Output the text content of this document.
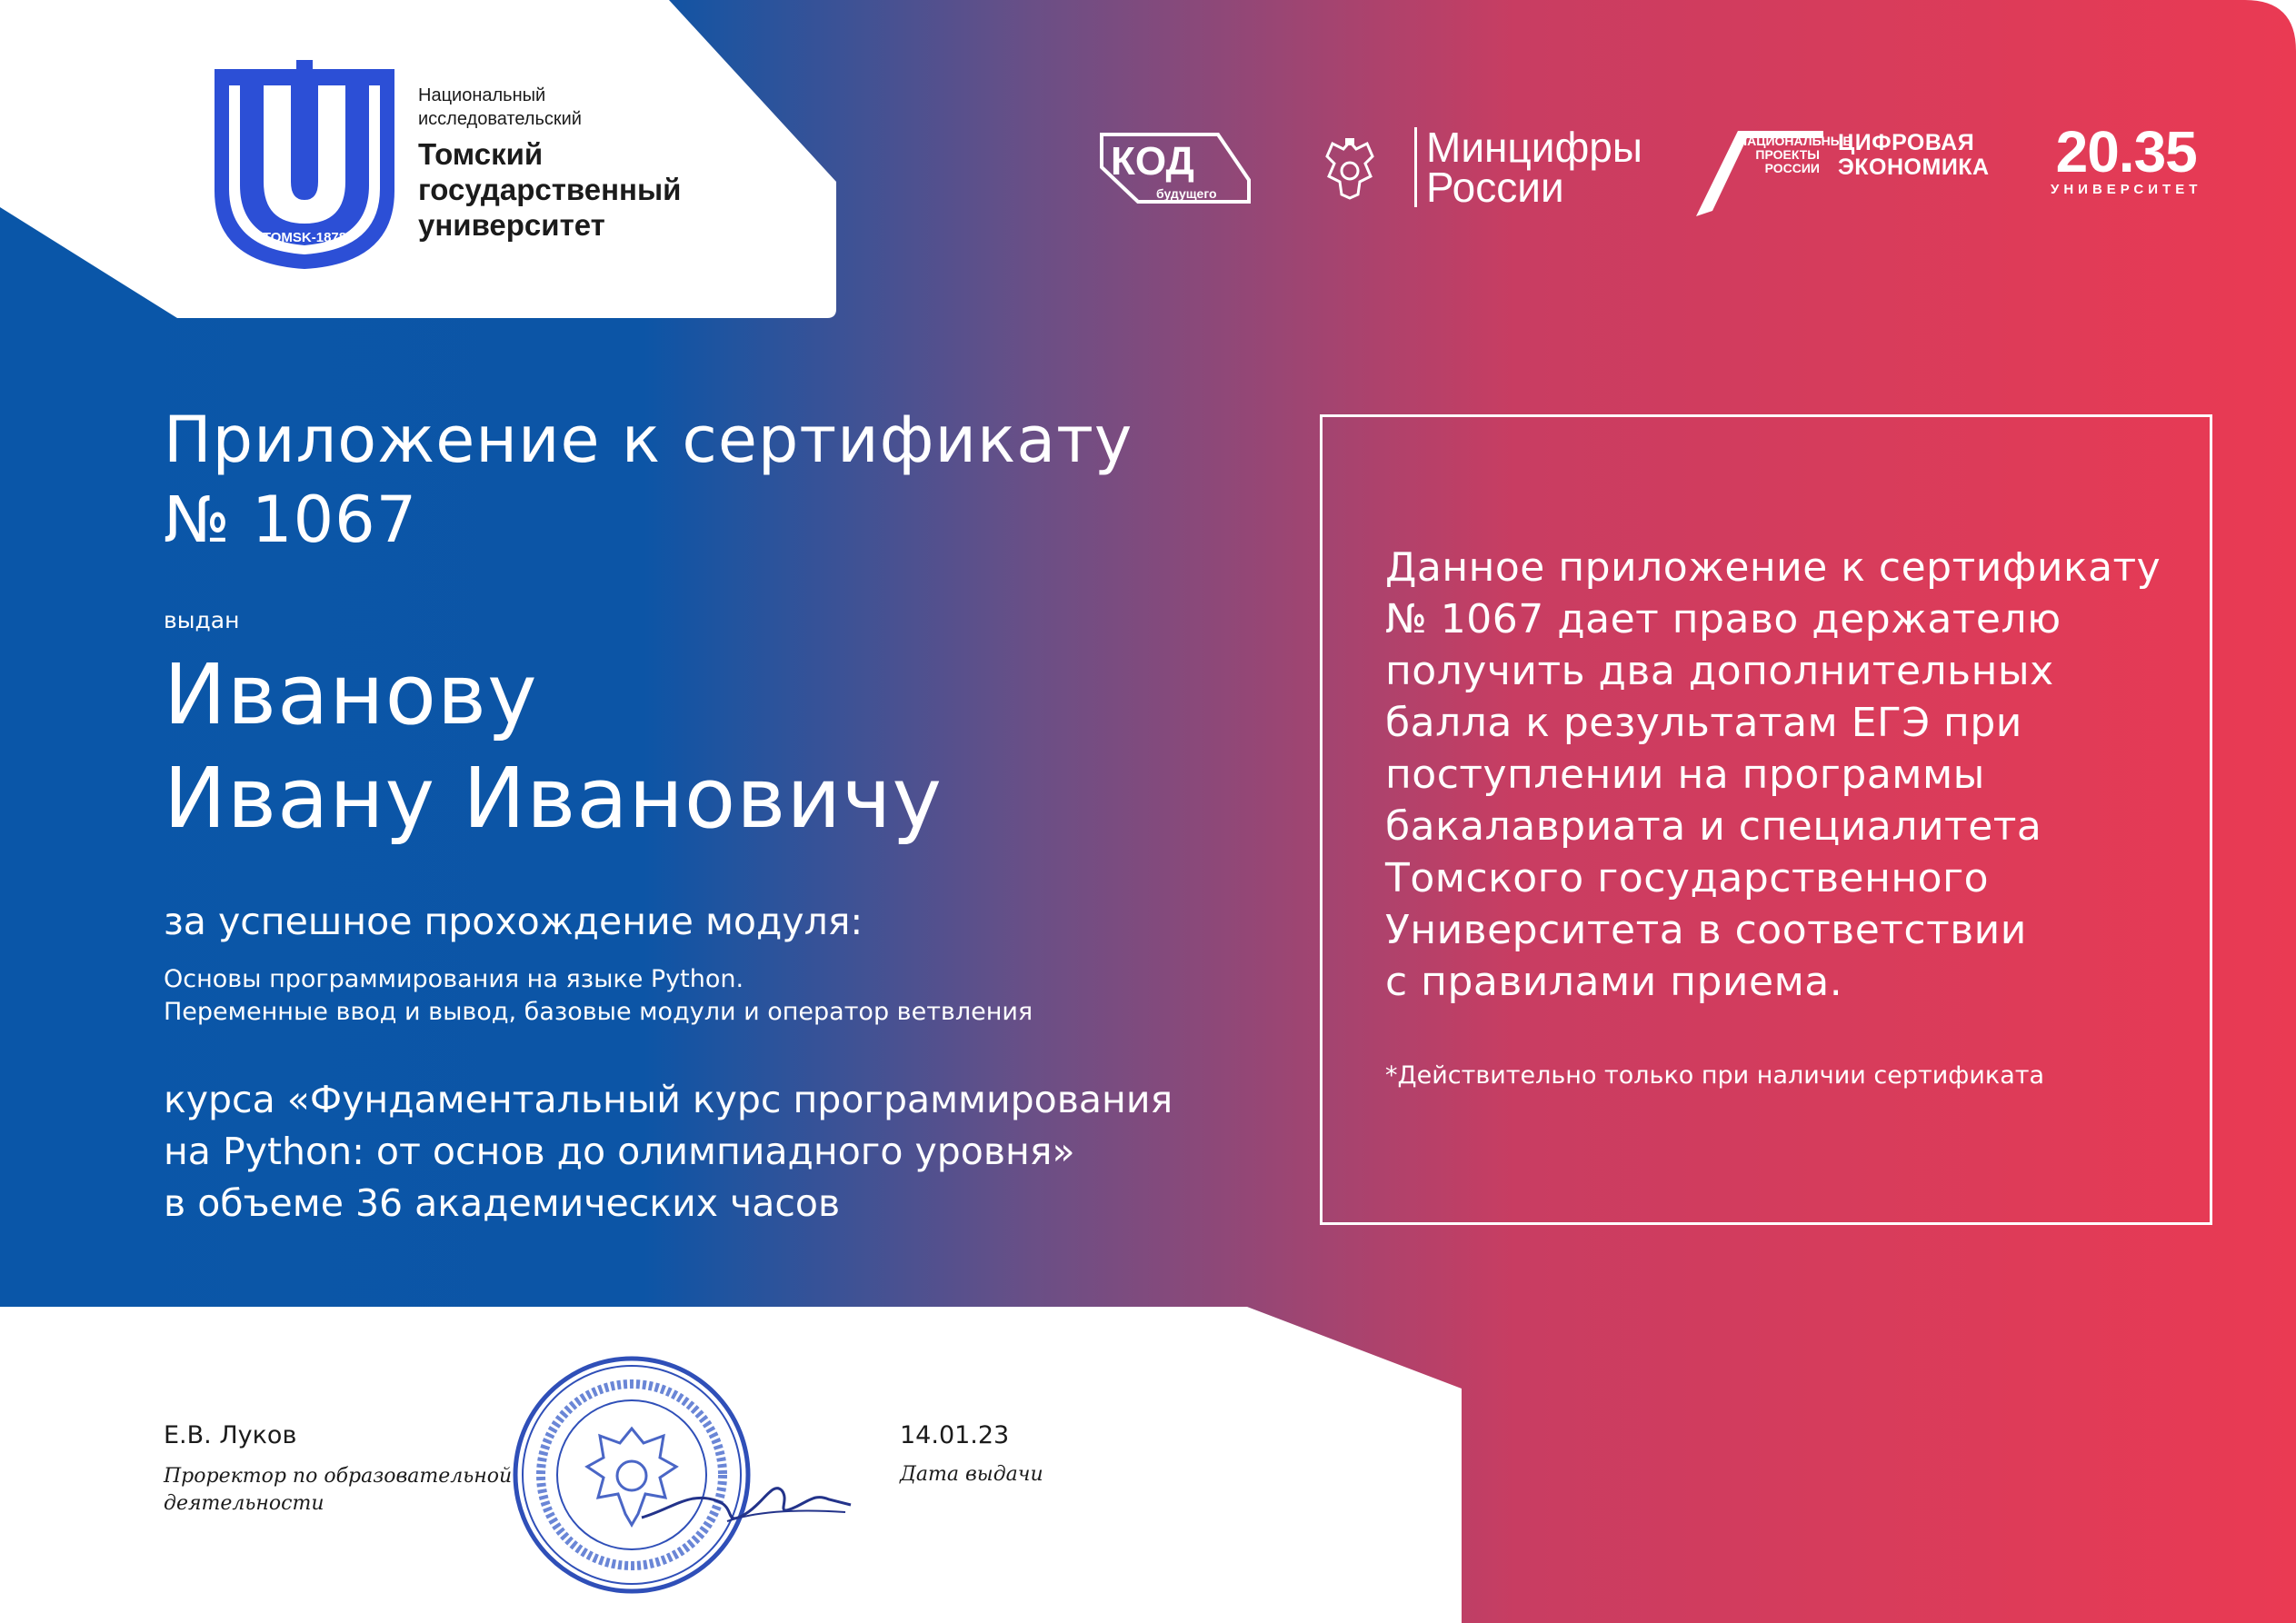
TOMSK-1878
Национальный
исследовательский
Томский
государственный
университет
КОД
будущего
Минцифры
России
НАЦИОНАЛЬНЫЕ
ПРОЕКТЫ
РОССИИ
ЦИФРОВАЯ
ЭКОНОМИКА 20.35
УНИВЕРСИТЕТ
Приложение к сертификату
№ 1067
выдан
Иванову
Ивану Ивановичу
за успешное прохождение модуля:
Основы программирования на языке Python.
Переменные ввод и вывод, базовые модули и оператор ветвления
курса «Фундаментальный курс программирования
на Python: от основ до олимпиадного уровня»
в объеме 36 академических часов
Данное приложение к сертификату
№ 1067 дает право держателю
получить два дополнительных
балла к результатам ЕГЭ при
поступлении на программы
бакалавриата и специалитета
Томского государственного
Университета в соответствии
с правилами приема.
*Действительно только при наличии сертификата
Е.В. Луков
Проректор по образовательной
деятельности
14.01.23
Дата выдачи
